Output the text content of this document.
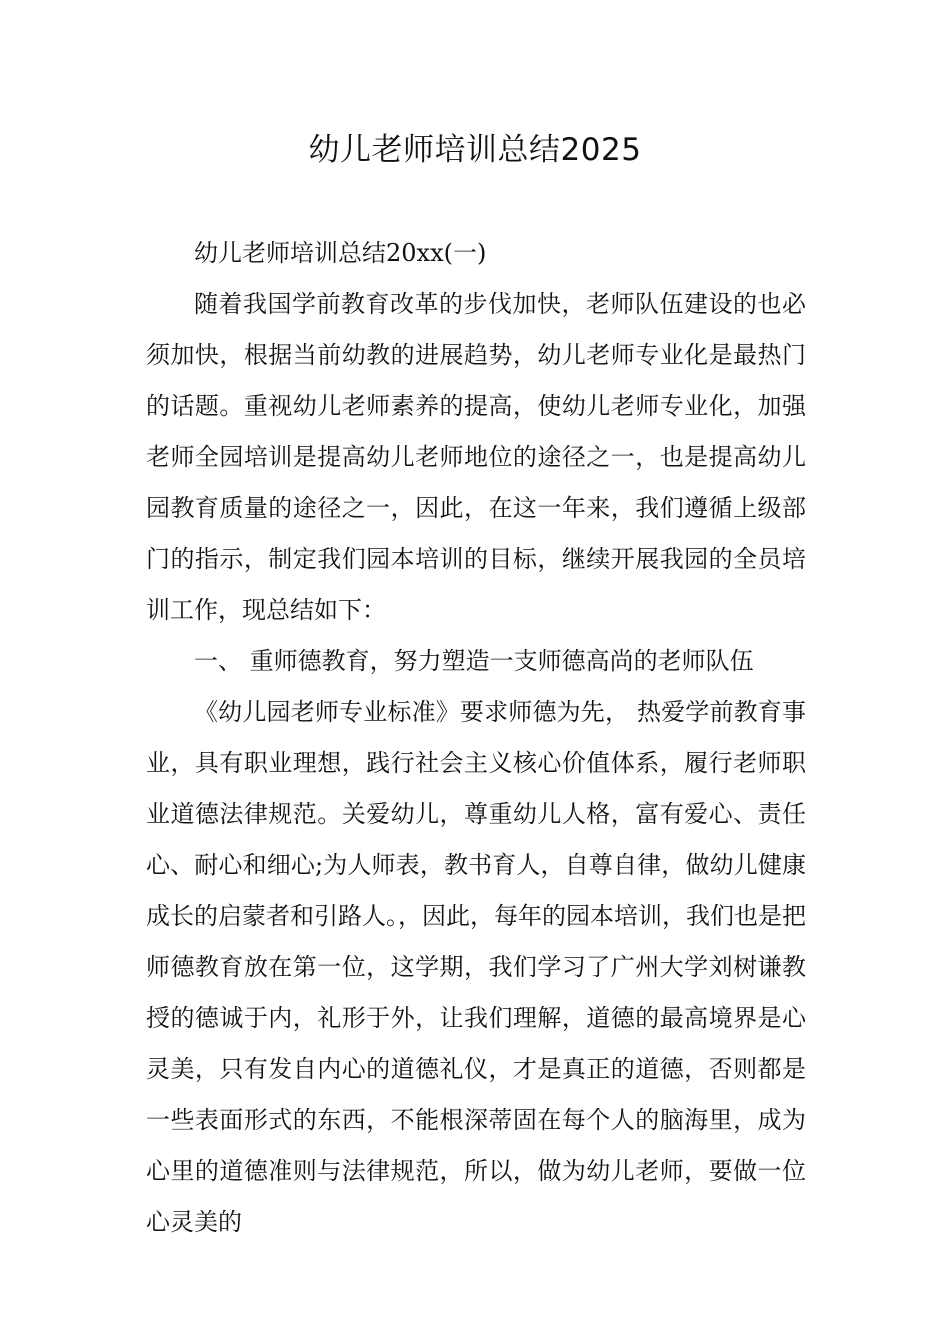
幼儿老师培训总结2025

幼儿老师培训总结20xx(一)

随着我国学前教育改革的步伐加快，老师队伍建设的也必须加快，根据当前幼教的进展趋势，幼儿老师专业化是最热门的话题。重视幼儿老师素养的提高，使幼儿老师专业化，加强老师全园培训是提高幼儿老师地位的途径之一，也是提高幼儿园教育质量的途径之一，因此，在这一年来，我们遵循上级部门的指示，制定我们园本培训的目标，继续开展我园的全员培训工作，现总结如下：

一、 重师德教育，努力塑造一支师德高尚的老师队伍

《幼儿园老师专业标准》要求师德为先， 热爱学前教育事业，具有职业理想，践行社会主义核心价值体系，履行老师职业道德法律规范。关爱幼儿，尊重幼儿人格，富有爱心、责任心、耐心和细心;为人师表，教书育人，自尊自律，做幼儿健康成长的启蒙者和引路人。，因此，每年的园本培训，我们也是把师德教育放在第一位，这学期，我们学习了广州大学刘树谦教授的德诚于内，礼形于外，让我们理解，道德的最高境界是心灵美，只有发自内心的道德礼仪，才是真正的道德，否则都是一些表面形式的东西，不能根深蒂固在每个人的脑海里，成为心里的道德准则与法律规范，所以，做为幼儿老师，要做一位心灵美的
